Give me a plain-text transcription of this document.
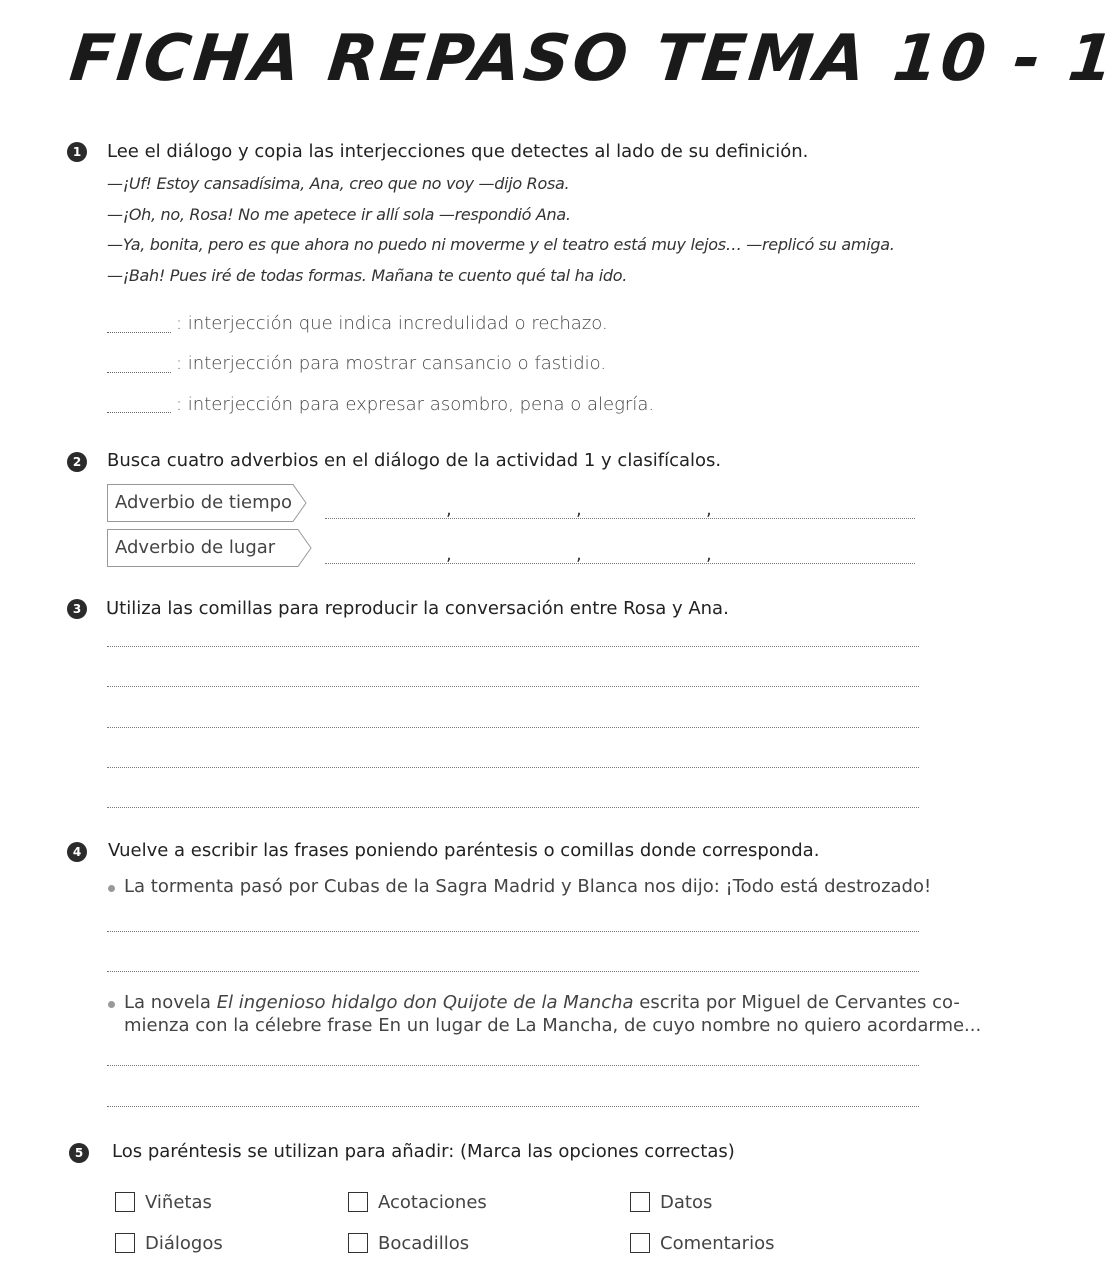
FICHA REPASO TEMA 10 - 1
1	Lee el diálogo y copia las interjecciones que detectes al lado de su definición.
—¡Uf! Estoy cansadísima, Ana, creo que no voy —dijo Rosa.
—¡Oh, no, Rosa! No me apetece ir allí sola —respondió Ana.
—Ya, bonita, pero es que ahora no puedo ni moverme y el teatro está muy lejos… —replicó su amiga.
—¡Bah! Pues iré de todas formas. Mañana te cuento qué tal ha ido.
: interjección que indica incredulidad o rechazo.
: interjección para mostrar cansancio o fastidio.
: interjección para expresar asombro, pena o alegría.
2	Busca cuatro adverbios en el diálogo de la actividad 1 y clasifícalos.
Adverbio de tiempo	,	,	,
Adverbio de lugar	,	,	,
3	Utiliza las comillas para reproducir la conversación entre Rosa y Ana.
4	Vuelve a escribir las frases poniendo paréntesis o comillas donde corresponda.
La tormenta pasó por Cubas de la Sagra Madrid y Blanca nos dijo: ¡Todo está destrozado!
La novela El ingenioso hidalgo don Quijote de la Mancha escrita por Miguel de Cervantes co-
mienza con la célebre frase En un lugar de La Mancha, de cuyo nombre no quiero acordarme...
5	Los paréntesis se utilizan para añadir: (Marca las opciones correctas)
Viñetas	Acotaciones	Datos
Diálogos	Bocadillos	Comentarios
